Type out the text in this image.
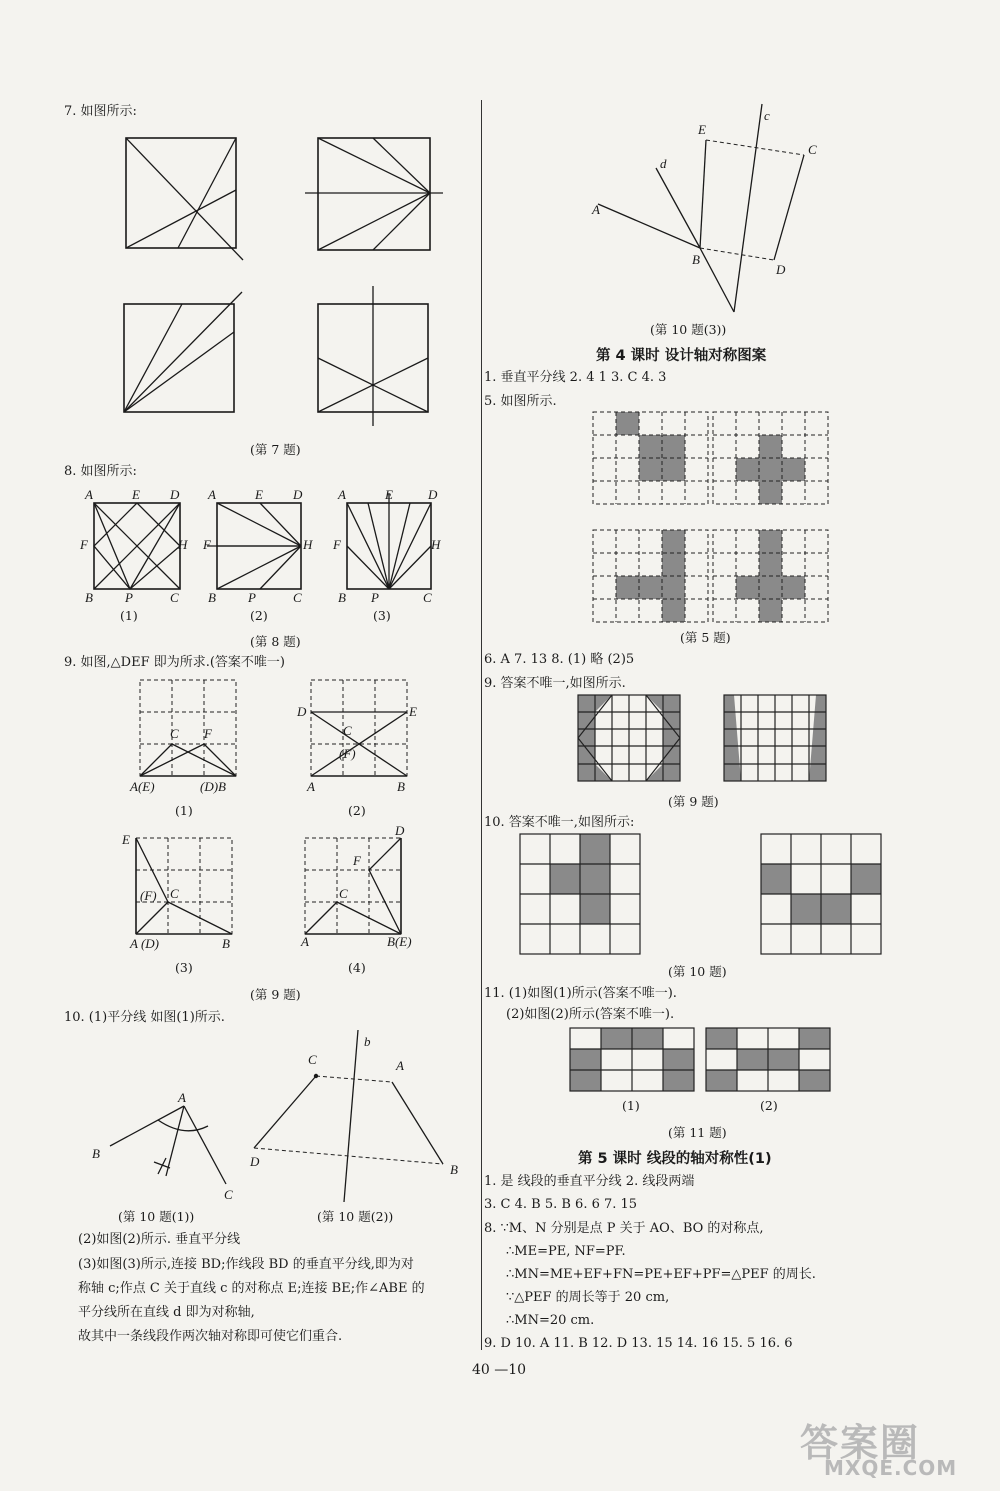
7. 如图所示:
(第 7 题)
8. 如图所示:
A	E D
F	H
B P	C
A	E D
F	H
B P	C
A	E	D
F	H
B P	C
(1)	(2)	(3)
(第 8 题)
9. 如图,△DEF 即为所求.(答案不唯一)
C F
A(E)	(D)B
D	E
C
(F)
A	B
(1)	(2)
E
(F) C
A (D)	B
D
F
C
A	B(E)
(3)	(4)
(第 9 题)
10. (1)平分线 如图(1)所示.
A
B
C
b
C	A
D
B
(第 10 题(1))	(第 10 题(2))
(2)如图(2)所示. 垂直平分线
(3)如图(3)所示,连接 BD;作线段 BD 的垂直平分线,即为对
称轴 c;作点 C 关于直线 c 的对称点 E;连接 BE;作∠ABE 的
平分线所在直线 d 即为对称轴,
故其中一条线段作两次轴对称即可使它们重合.
c
E
C
d
A
B
D
(第 10 题(3))
第 4 课时 设计轴对称图案
1. 垂直平分线 2. 4 1 3. C 4. 3
5. 如图所示.
(第 5 题)
6. A 7. 13 8. (1) 略 (2)5
9. 答案不唯一,如图所示.
(第 9 题)
10. 答案不唯一,如图所示:
(第 10 题)
11. (1)如图(1)所示(答案不唯一).
(2)如图(2)所示(答案不唯一).
(1)	(2)
(第 11 题)
第 5 课时 线段的轴对称性(1)
1. 是 线段的垂直平分线 2. 线段两端
3. C 4. B 5. B 6. 6 7. 15
8. ∵M、N 分别是点 P 关于 AO、BO 的对称点,
∴ME=PE, NF=PF.
∴MN=ME+EF+FN=PE+EF+PF=△PEF 的周长.
∵△PEF 的周长等于 20 cm,
∴MN=20 cm.
9. D 10. A 11. B 12. D 13. 15 14. 16 15. 5 16. 6
40 —10
答案圈
MXQE.COM
